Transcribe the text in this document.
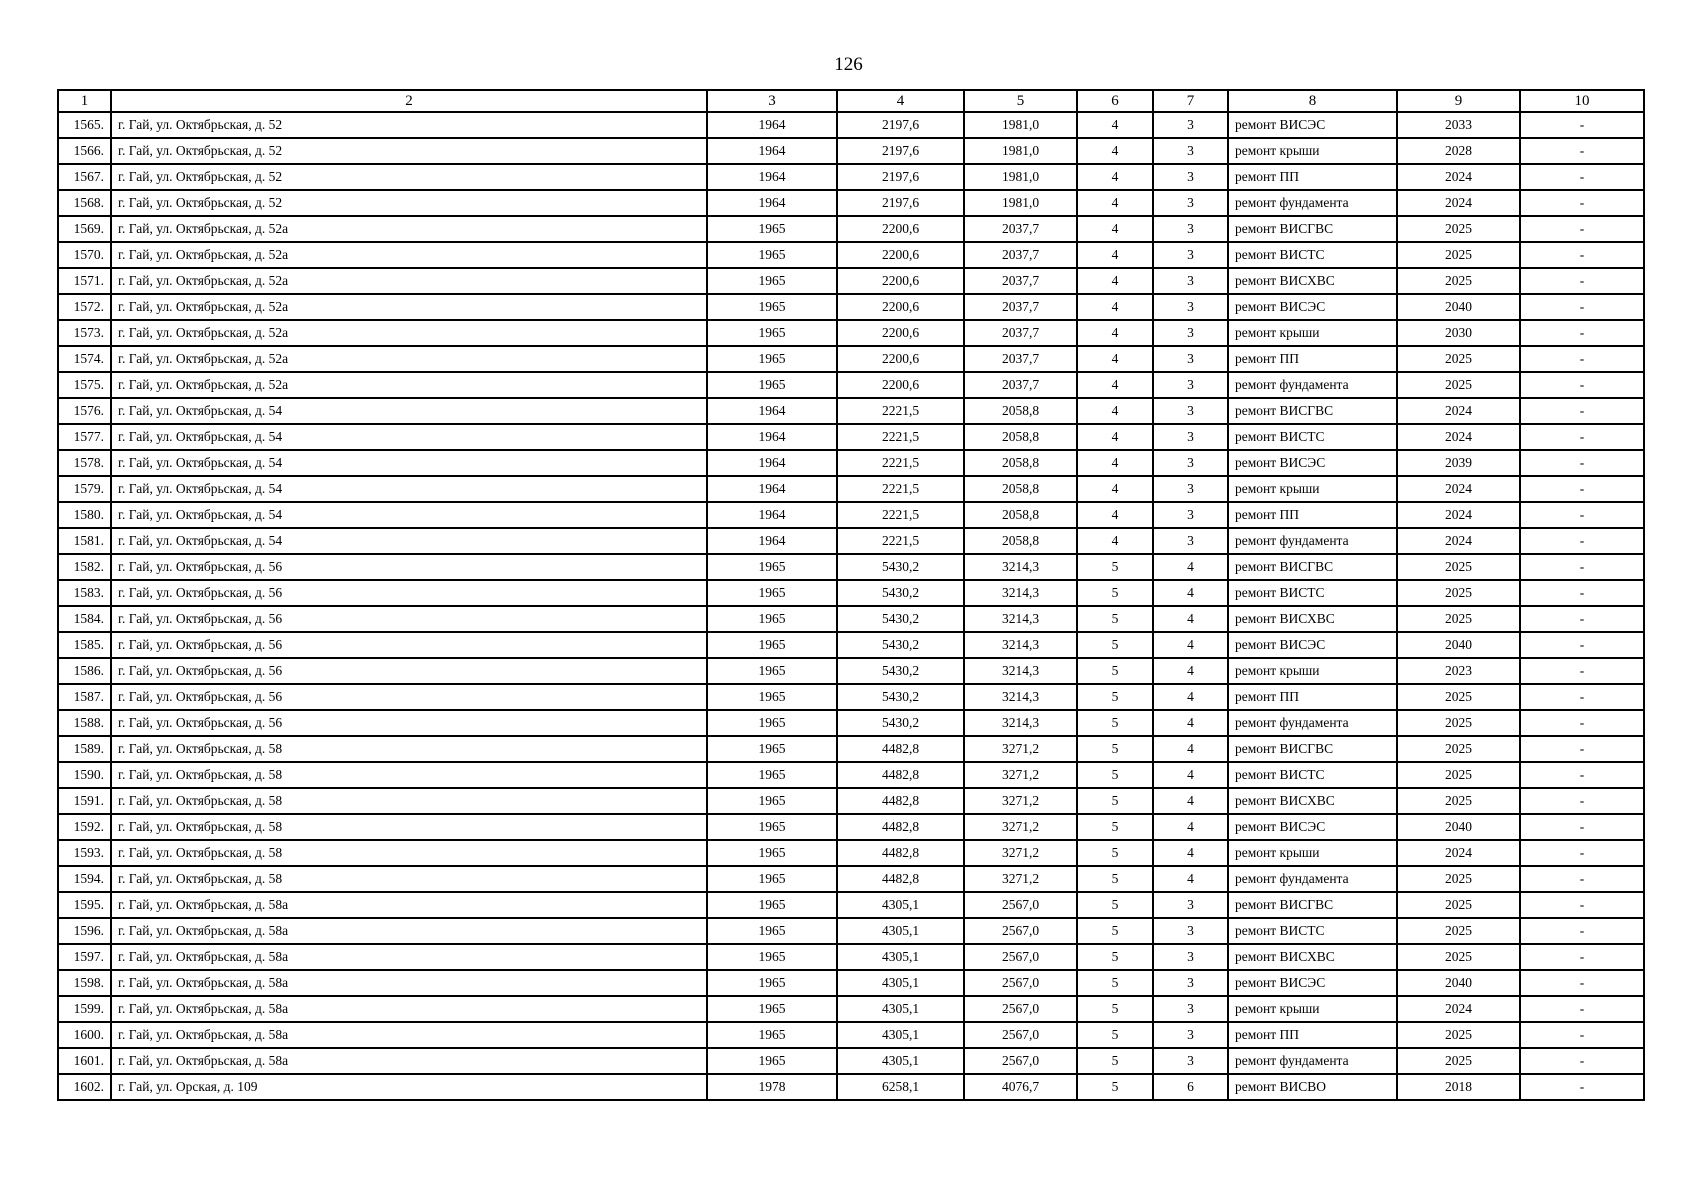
126
1	2	3	4	5	6	7	8	9	10
1565.	г. Гай, ул. Октябрьская, д. 52	1964	2197,6	1981,0	4	3	ремонт ВИСЭС	2033	-
1566.	г. Гай, ул. Октябрьская, д. 52	1964	2197,6	1981,0	4	3	ремонт крыши	2028	-
1567.	г. Гай, ул. Октябрьская, д. 52	1964	2197,6	1981,0	4	3	ремонт ПП	2024	-
1568.	г. Гай, ул. Октябрьская, д. 52	1964	2197,6	1981,0	4	3	ремонт фундамента	2024	-
1569.	г. Гай, ул. Октябрьская, д. 52а	1965	2200,6	2037,7	4	3	ремонт ВИСГВС	2025	-
1570.	г. Гай, ул. Октябрьская, д. 52а	1965	2200,6	2037,7	4	3	ремонт ВИСТС	2025	-
1571.	г. Гай, ул. Октябрьская, д. 52а	1965	2200,6	2037,7	4	3	ремонт ВИСХВС	2025	-
1572.	г. Гай, ул. Октябрьская, д. 52а	1965	2200,6	2037,7	4	3	ремонт ВИСЭС	2040	-
1573.	г. Гай, ул. Октябрьская, д. 52а	1965	2200,6	2037,7	4	3	ремонт крыши	2030	-
1574.	г. Гай, ул. Октябрьская, д. 52а	1965	2200,6	2037,7	4	3	ремонт ПП	2025	-
1575.	г. Гай, ул. Октябрьская, д. 52а	1965	2200,6	2037,7	4	3	ремонт фундамента	2025	-
1576.	г. Гай, ул. Октябрьская, д. 54	1964	2221,5	2058,8	4	3	ремонт ВИСГВС	2024	-
1577.	г. Гай, ул. Октябрьская, д. 54	1964	2221,5	2058,8	4	3	ремонт ВИСТС	2024	-
1578.	г. Гай, ул. Октябрьская, д. 54	1964	2221,5	2058,8	4	3	ремонт ВИСЭС	2039	-
1579.	г. Гай, ул. Октябрьская, д. 54	1964	2221,5	2058,8	4	3	ремонт крыши	2024	-
1580.	г. Гай, ул. Октябрьская, д. 54	1964	2221,5	2058,8	4	3	ремонт ПП	2024	-
1581.	г. Гай, ул. Октябрьская, д. 54	1964	2221,5	2058,8	4	3	ремонт фундамента	2024	-
1582.	г. Гай, ул. Октябрьская, д. 56	1965	5430,2	3214,3	5	4	ремонт ВИСГВС	2025	-
1583.	г. Гай, ул. Октябрьская, д. 56	1965	5430,2	3214,3	5	4	ремонт ВИСТС	2025	-
1584.	г. Гай, ул. Октябрьская, д. 56	1965	5430,2	3214,3	5	4	ремонт ВИСХВС	2025	-
1585.	г. Гай, ул. Октябрьская, д. 56	1965	5430,2	3214,3	5	4	ремонт ВИСЭС	2040	-
1586.	г. Гай, ул. Октябрьская, д. 56	1965	5430,2	3214,3	5	4	ремонт крыши	2023	-
1587.	г. Гай, ул. Октябрьская, д. 56	1965	5430,2	3214,3	5	4	ремонт ПП	2025	-
1588.	г. Гай, ул. Октябрьская, д. 56	1965	5430,2	3214,3	5	4	ремонт фундамента	2025	-
1589.	г. Гай, ул. Октябрьская, д. 58	1965	4482,8	3271,2	5	4	ремонт ВИСГВС	2025	-
1590.	г. Гай, ул. Октябрьская, д. 58	1965	4482,8	3271,2	5	4	ремонт ВИСТС	2025	-
1591.	г. Гай, ул. Октябрьская, д. 58	1965	4482,8	3271,2	5	4	ремонт ВИСХВС	2025	-
1592.	г. Гай, ул. Октябрьская, д. 58	1965	4482,8	3271,2	5	4	ремонт ВИСЭС	2040	-
1593.	г. Гай, ул. Октябрьская, д. 58	1965	4482,8	3271,2	5	4	ремонт крыши	2024	-
1594.	г. Гай, ул. Октябрьская, д. 58	1965	4482,8	3271,2	5	4	ремонт фундамента	2025	-
1595.	г. Гай, ул. Октябрьская, д. 58а	1965	4305,1	2567,0	5	3	ремонт ВИСГВС	2025	-
1596.	г. Гай, ул. Октябрьская, д. 58а	1965	4305,1	2567,0	5	3	ремонт ВИСТС	2025	-
1597.	г. Гай, ул. Октябрьская, д. 58а	1965	4305,1	2567,0	5	3	ремонт ВИСХВС	2025	-
1598.	г. Гай, ул. Октябрьская, д. 58а	1965	4305,1	2567,0	5	3	ремонт ВИСЭС	2040	-
1599.	г. Гай, ул. Октябрьская, д. 58а	1965	4305,1	2567,0	5	3	ремонт крыши	2024	-
1600.	г. Гай, ул. Октябрьская, д. 58а	1965	4305,1	2567,0	5	3	ремонт ПП	2025	-
1601.	г. Гай, ул. Октябрьская, д. 58а	1965	4305,1	2567,0	5	3	ремонт фундамента	2025	-
1602.	г. Гай, ул. Орская, д. 109	1978	6258,1	4076,7	5	6	ремонт ВИСВО	2018	-
